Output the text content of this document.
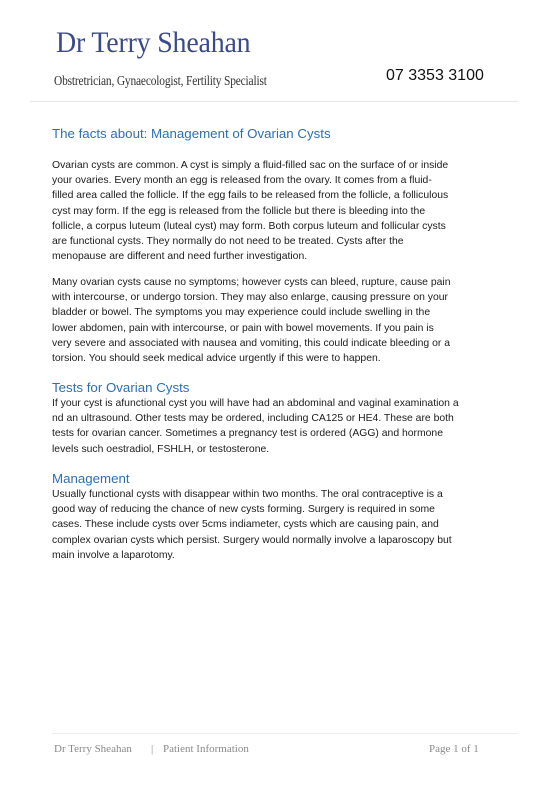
Dr Terry Sheahan
Obstretrician, Gynaecologist, Fertility Specialist	07 3353 3100
The facts about: Management of Ovarian Cysts

Ovarian cysts are common. A cyst is simply a fluid-filled sac on the surface of or inside
your ovaries. Every month an egg is released from the ovary. It comes from a fluid-
filled area called the follicle. If the egg fails to be released from the follicle, a folliculous
cyst may form. If the egg is released from the follicle but there is bleeding into the
follicle, a corpus luteum (luteal cyst) may form. Both corpus luteum and follicular cysts
are functional cysts. They normally do not need to be treated. Cysts after the
menopause are different and need further investigation.

Many ovarian cysts cause no symptoms; however cysts can bleed, rupture, cause pain
with intercourse, or undergo torsion. They may also enlarge, causing pressure on your
bladder or bowel. The symptoms you may experience could include swelling in the
lower abdomen, pain with intercourse, or pain with bowel movements. If you pain is
very severe and associated with nausea and vomiting, this could indicate bleeding or a
torsion. You should seek medical advice urgently if this were to happen.

Tests for Ovarian Cysts

If your cyst is afunctional cyst you will have had an abdominal and vaginal examination a
nd an ultrasound. Other tests may be ordered, including CA125 or HE4. These are both
tests for ovarian cancer. Sometimes a pregnancy test is ordered (AGG) and hormone
levels such oestradiol, FSHLH, or testosterone.

Management

Usually functional cysts with disappear within two months. The oral contraceptive is a
good way of reducing the chance of new cysts forming. Surgery is required in some
cases. These include cysts over 5cms indiameter, cysts which are causing pain, and
complex ovarian cysts which persist. Surgery would normally involve a laparoscopy but
main involve a laparotomy.

Dr Terry Sheahan | Patient Information	Page 1 of 1
